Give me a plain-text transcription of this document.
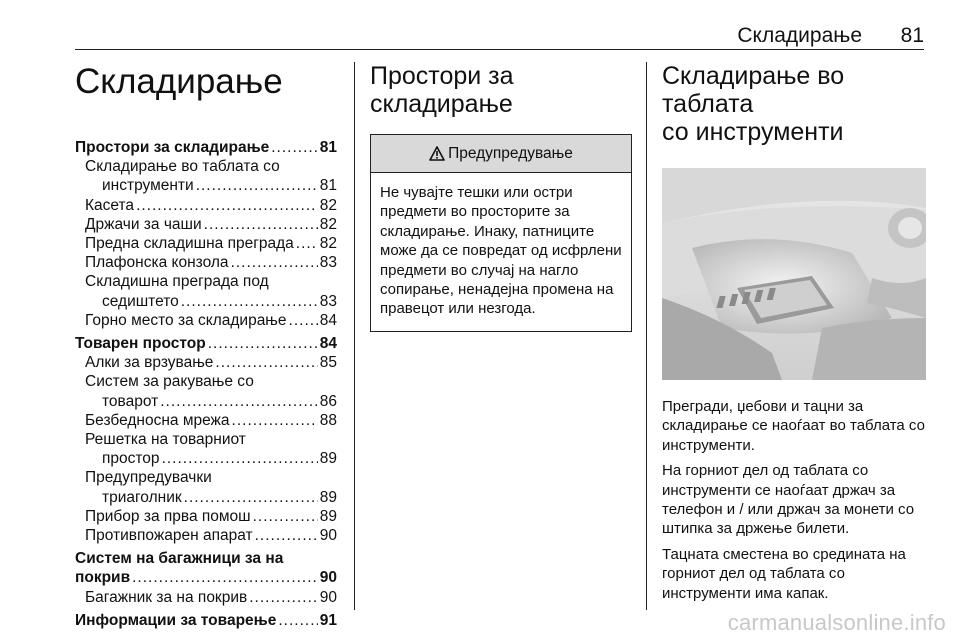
Складирање 81
Складирање
Простори за складирање .....	81
Складирање во таблата со
инструменти .....	81
Касета .....	82
Држачи за чаши .....	82
Предна складишна преграда ..... 82
Плафонска конзола .....	83
Складишна преграда под
седиштето .....	83
Горно место за складирање ..... 84
Товарен простор .....	84
Алки за врзување .....	85
Систем за ракување со
товарот .....	86
Безбедносна мрежа .....	88
Решетка на товарниот
простор .....	89
Предупредувачки
триаголник .....	89
Прибор за прва помош .....	89
Противпожарен апарат .....	90
Систем на багажници за на
покрив .....	90
Багажник за на покрив .....	90
Информации за товарење .....	91
Простори за
складирање
Предупредување
Не чувајте тешки или остри предмети во просторите за складирање. Инаку, патниците може да се повредат од исфрлени предмети во случај на нагло сопирање, ненадејна промена на правецот или незгода.
Складирање во таблата
со инструменти

Прегради, џебови и тацни за складирање се наоѓаат во таблата со инструменти.

На горниот дел од таблата со инструменти се наоѓаат држач за телефон и / или држач за монети со штипка за држење билети.

Тацната сместена во средината на горниот дел од таблата со инструменти има капак.

carmanualsonline.info
